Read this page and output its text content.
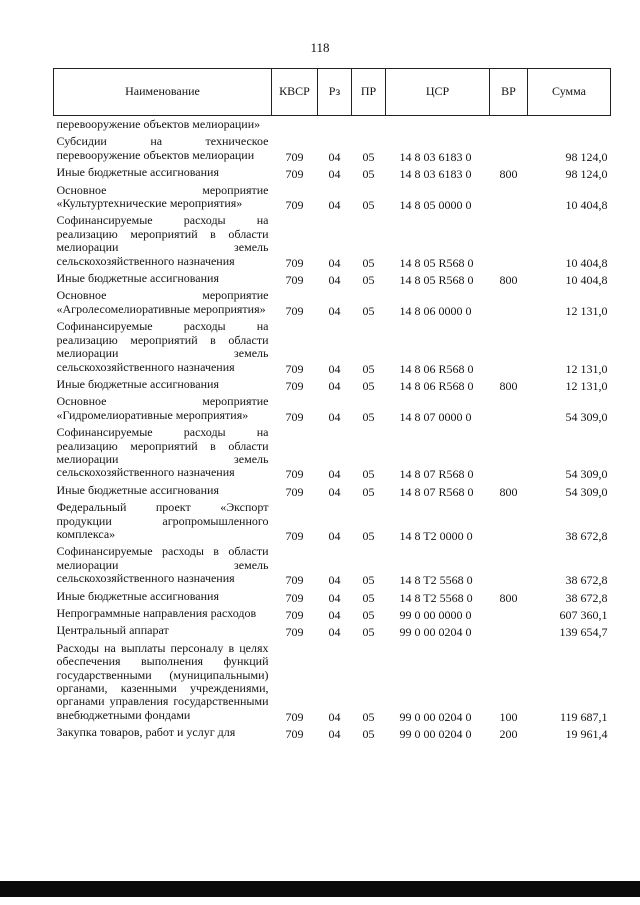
118
Наименование	КВСР	Рз	ПР	ЦСР	ВР	Сумма
перевооружение объектов мелиорации»						
Субсидии на техническое перевооружение объектов мелиорации	709	04	05	14 8 03 6183 0		98 124,0
Иные бюджетные ассигнования	709	04	05	14 8 03 6183 0	800	98 124,0
Основное мероприятие «Культуртехнические мероприятия»	709	04	05	14 8 05 0000 0		10 404,8
Софинансируемые расходы на реализацию мероприятий в области мелиорации земель сельскохозяйственного назначения	709	04	05	14 8 05 R568 0		10 404,8
Иные бюджетные ассигнования	709	04	05	14 8 05 R568 0	800	10 404,8
Основное мероприятие «Агролесомелиоративные мероприятия»	709	04	05	14 8 06 0000 0		12 131,0
Софинансируемые расходы на реализацию мероприятий в области мелиорации земель сельскохозяйственного назначения	709	04	05	14 8 06 R568 0		12 131,0
Иные бюджетные ассигнования	709	04	05	14 8 06 R568 0	800	12 131,0
Основное мероприятие «Гидромелиоративные мероприятия»	709	04	05	14 8 07 0000 0		54 309,0
Софинансируемые расходы на реализацию мероприятий в области мелиорации земель сельскохозяйственного назначения	709	04	05	14 8 07 R568 0		54 309,0
Иные бюджетные ассигнования	709	04	05	14 8 07 R568 0	800	54 309,0
Федеральный проект «Экспорт продукции агропромышленного комплекса»	709	04	05	14 8 T2 0000 0		38 672,8
Софинансируемые расходы в области мелиорации земель сельскохозяйственного назначения	709	04	05	14 8 T2 5568 0		38 672,8
Иные бюджетные ассигнования	709	04	05	14 8 T2 5568 0	800	38 672,8
Непрограммные направления расходов	709	04	05	99 0 00 0000 0		607 360,1
Центральный аппарат	709	04	05	99 0 00 0204 0		139 654,7
Расходы на выплаты персоналу в целях обеспечения выполнения функций государственными (муниципальными) органами, казенными учреждениями, органами управления государственными внебюджетными фондами	709	04	05	99 0 00 0204 0	100	119 687,1
Закупка товаров, работ и услуг для	709	04	05	99 0 00 0204 0	200	19 961,4
